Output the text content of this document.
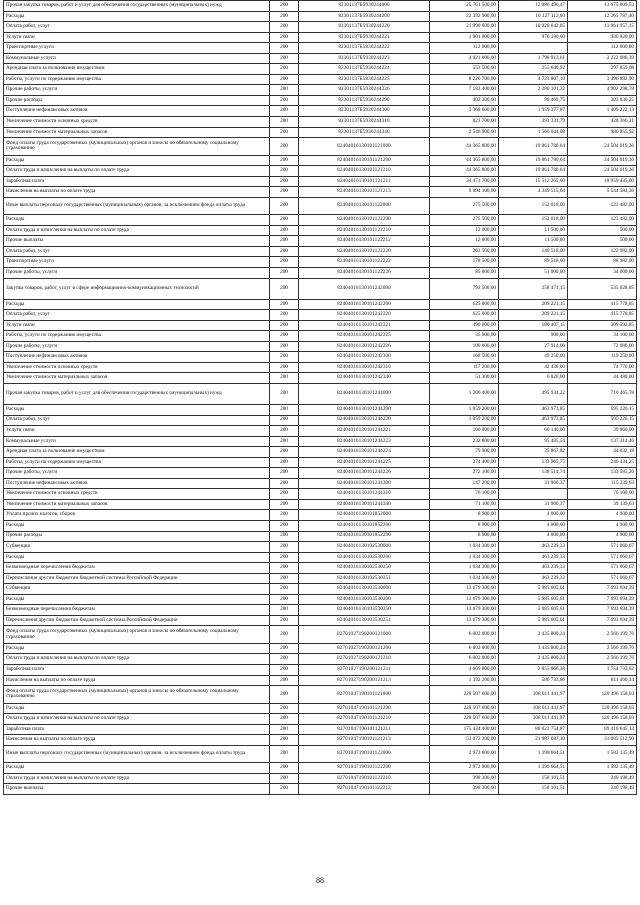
Прочая закупка товаров, работ и услуг для обеспечения государственных (муниципальных) нужд	200	82301137Б5930244000	25 761 500,00	12 086 490,47	13 675 009,53
Расходы	200	82301137Б5930244200	22 392 900,00	10 127 112,60	12 265 787,40
Оплата работ, услуг	200	82301137Б5930244220	21 990 600,00	10 028 642,85	11 961 957,15
Услуги связи	200	82301137Б5930244221	1 901 000,00	970 180,00	930 820,00
Транспортные услуги	200	82301137Б5930244222	112 000,00		112 000,00
Коммунальные услуги	200	82301137Б5930244223	4 021 000,00	1 798 913,61	2 222 086,39
Арендная плата за пользование имуществом	200	82301137Б5930244224	553 500,00	255 640,92	297 859,08
Работы, услуги по содержанию имущества	200	82301137Б5930244225	8 220 700,00	4 723 807,10	3 496 892,90
Прочие работы, услуги	200	82301137Б5930244226	7 182 400,00	2 280 101,22	4 902 298,78
Прочие расходы	200	82301137Б5930244290	402 300,00	98 469,75	303 830,25
Поступление нефинансовых активов	200	82301137Б5930244300	3 368 600,00	1 959 377,87	1 409 222,13
Увеличение стоимости основных средств	200	82301137Б5930244310	821 700,00	393 333,79	428 366,21
Увеличение стоимости материальных запасов	200	82301137Б5930244340	2 546 900,00	1 566 044,08	980 855,92
Фонд оплаты труда государственных (муниципальных) органов и взносы по обязательному социальному страхованию	200	82404016130101121000	44 365 800,00	19 861 780,64	24 504 019,36
Расходы	200	82404016130101121200	44 365 800,00	19 861 780,64	24 504 019,36
Оплата труда и начисления на выплаты по оплате труда	200	82404016130101121210	44 365 800,00	19 861 780,64	24 504 019,36
Заработная плата	200	82404016130101121211	34 471 700,00	15 512 265,00	18 959 435,00
Начисления на выплаты по оплате труда	200	82404016130101121213	9 894 100,00	4 349 515,64	5 544 584,36
Иные выплаты персоналу государственных (муниципальных) органов, за исключением фонда оплаты труда	200	82404016130101122000	275 500,00	152 018,00	123 482,00
Расходы	200	82404016130101122200	275 500,00	152 018,00	123 482,00
Оплата труда и начисления на выплаты по оплате труда	200	82404016130101122210	12 000,00	11 500,00	500,00
Прочие выплаты	200	82404016130101122212	12 000,00	11 500,00	500,00
Оплата работ, услуг	200	82404016130101122220	263 500,00	140 518,00	122 982,00
Транспортные услуги	200	82404016130101122222	178 500,00	89 518,00	88 982,00
Прочие работы, услуги	200	82404016130101122226	85 000,00	51 000,00	34 000,00
Закупка товаров, работ, услуг в сфере информационно-коммуникационных технологий	200	82404016130101242000	793 500,00	258 471,15	535 028,85
Расходы	200	82404016130101242200	625 000,00	209 221,15	415 778,85
Оплата работ, услуг	200	82404016130101242220	625 000,00	209 221,15	415 778,85
Услуги связи	200	82404016130101242221	490 000,00	180 407,15	309 592,85
Работы, услуги по содержанию имущества	200	82404016130101242225	35 000,00	900,00	34 100,00
Прочие работы, услуги	200	82404016130101242226	100 000,00	27 914,00	72 086,00
Поступление нефинансовых активов	200	82404016130101242300	168 500,00	49 250,00	119 250,00
Увеличение стоимости основных средств	200	82404016130101242310	117 200,00	42 430,00	74 770,00
Увеличение стоимости материальных запасов	200	82404016130101242340	51 300,00	6 820,00	44 480,00
Прочая закупка товаров, работ и услуг для обеспечения государственных (муниципальных) нужд	200	82404016130101244000	1 206 400,00	495 934,22	710 465,78
Расходы	200	82404016130101244200	1 059 200,00	463 973,85	595 226,15
Оплата работ, услуг	200	82404016130101244220	1 059 200,00	463 973,85	595 226,15
Услуги связи	200	82404016130101244221	100 000,00	60 140,00	39 860,00
Коммунальные услуги	200	82404016130101244223	232 800,00	95 485,54	137 314,46
Арендная плата за пользование имуществом	200	82404016130101244224	79 900,00	35 867,82	44 032,18
Работы, услуги по содержанию имущества	200	82404016130101244225	374 400,00	133 965,75	240 434,25
Прочие работы, услуги	200	82404016130101244226	272 100,00	138 514,74	133 585,26
Поступление нефинансовых активов	200	82404016130101244300	147 200,00	31 960,37	115 239,63
Увеличение стоимости основных средств	200	82404016130101244310	76 100,00		76 100,00
Увеличение стоимости материальных запасов	200	82404016130101244340	71 100,00	31 960,37	39 139,63
Уплата прочих налогов, сборов	200	82404016130101852000	8 900,00	4 000,00	4 900,00
Расходы	200	82404016130101852200	8 900,00	4 000,00	4 900,00
Прочие расходы	200	82404016130101852290	8 900,00	4 000,00	4 900,00
Субвенции	200	82404016130102530000	1 034 300,00	463 239,33	571 060,67
Расходы	200	82404016130102530200	1 034 300,00	463 239,33	571 060,67
Безвозмездные перечисления бюджетам	200	82404016130102530250	1 034 300,00	463 239,33	571 060,67
Перечисления другим бюджетам бюджетной системы Российской Федерации	200	82404016130102530251	1 034 300,00	463 239,33	571 060,67
Субвенции	200	82404016130103530000	13 679 300,00	5 985 605,61	7 693 694,39
Расходы	200	82404016130103530200	13 679 300,00	5 985 605,61	7 693 694,39
Безвозмездные перечисления бюджетам	200	82404016130103530250	13 679 300,00	5 985 605,61	7 693 694,39
Перечисления другим бюджетам бюджетной системы Российской Федерации	200	82404016130103530251	13 679 300,00	5 985 605,61	7 693 694,39
Фонд оплаты труда государственных (муниципальных) органов и взносы по обязательному социальному страхованию	200	82701027190200121000	6 002 000,00	3 435 800,24	2 566 199,76
Расходы	200	82701027190200121200	6 002 000,00	3 435 800,24	2 566 199,76
Оплата труда и начисления на выплаты по оплате труда	200	82701027190200121210	6 002 000,00	3 435 800,24	2 566 199,76
Заработная плата	200	82701027190200121211	4 609 800,00	2 855 066,38	1 754 733,62
Начисления на выплаты по оплате труда	200	82701027190200121213	1 392 200,00	580 733,86	811 466,14
Фонд оплаты труда государственных (муниципальных) органов и взносы по обязательному социальному страхованию	200	82701047190101121000	228 507 600,00	108 011 441,97	120 496 158,03
Расходы	200	82701047190101121200	228 507 600,00	108 011 441,97	120 496 158,03
Оплата труда и начисления на выплаты по оплате труда	200	82701047190101121210	228 507 600,00	108 011 441,97	120 496 158,03
Заработная плата	200	82701047190101121211	175 434 400,00	86 023 754,87	89 410 645,13
Начисления на выплаты по оплате труда	200	82701047190101121213	53 073 200,00	21 987 687,10	31 085 512,90
Иные выплаты персоналу государственных (муниципальных) органов, за исключением фонда оплаты труда	200	82701047190101122000	2 972 800,00	1 390 664,51	1 582 135,49
Расходы	200	82701047190101122200	2 972 800,00	1 390 664,51	1 582 135,49
Оплата труда и начисления на выплаты по оплате труда	200	82701047190101122210	398 300,00	158 101,51	240 198,49
Прочие выплаты	200	82701047190101122212	398 300,00	158 101,51	240 198,49
88
